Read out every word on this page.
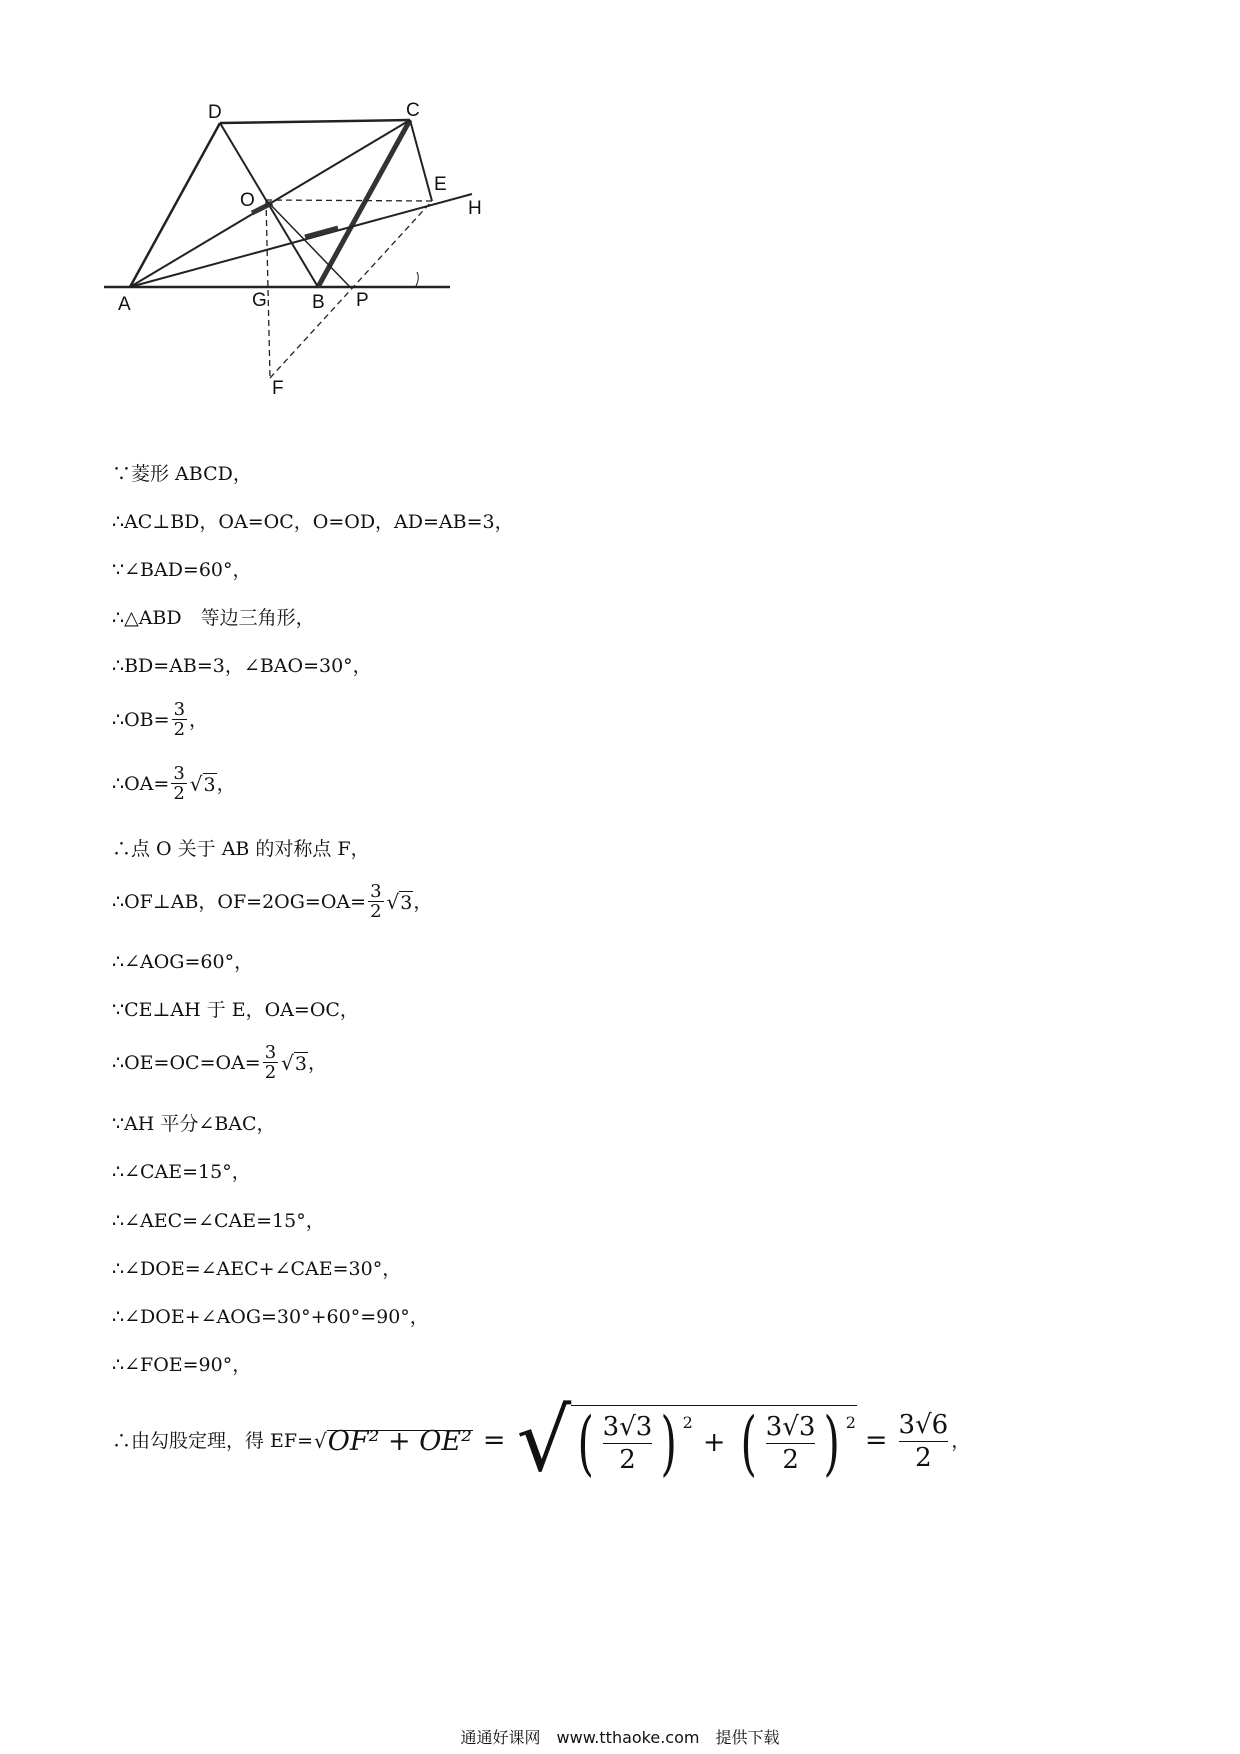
A	G B P
D	C
O
E
H
F
∵菱形 ABCD，
∴AC⊥BD，OA=OC，O=OD，AD=AB=3，
∵∠BAD=60°，
∴△ABD　等边三角形，
∴BD=AB=3，∠BAO=30°，
∴OB= $\frac{3}{2}$ ，
∴OA= $\frac{3}{2}$ √ 3 ，
∴点 O 关于 AB 的对称点 F，
∴OF⊥AB，$OF=2OG=OA= \frac{3}{2}$ √ 3 ，
∴∠AOG=60°，
∵CE⊥AH 于 E，OA=OC，
∴OE=OC=OA= $\frac{3}{2}$ √ 3 ，
∵AH 平分∠BAC，
∴∠CAE=15°，
∴∠AEC=∠CAE=15°，
∴∠DOE=∠AEC+∠CAE=30°，
∴∠DOE+∠AOG=30°+60°=90°，
∴∠FOE=90°，
∴由勾股定理，得 EF= √ OF² + OE² = √ ( $\frac{3√3}{2}$ ) $^2$
+ ( $\frac{3√3}{2}$ ) $^2$
= $\frac{3√6}{2}$ ，
通通好课网　www.tthaoke.com　提供下载
